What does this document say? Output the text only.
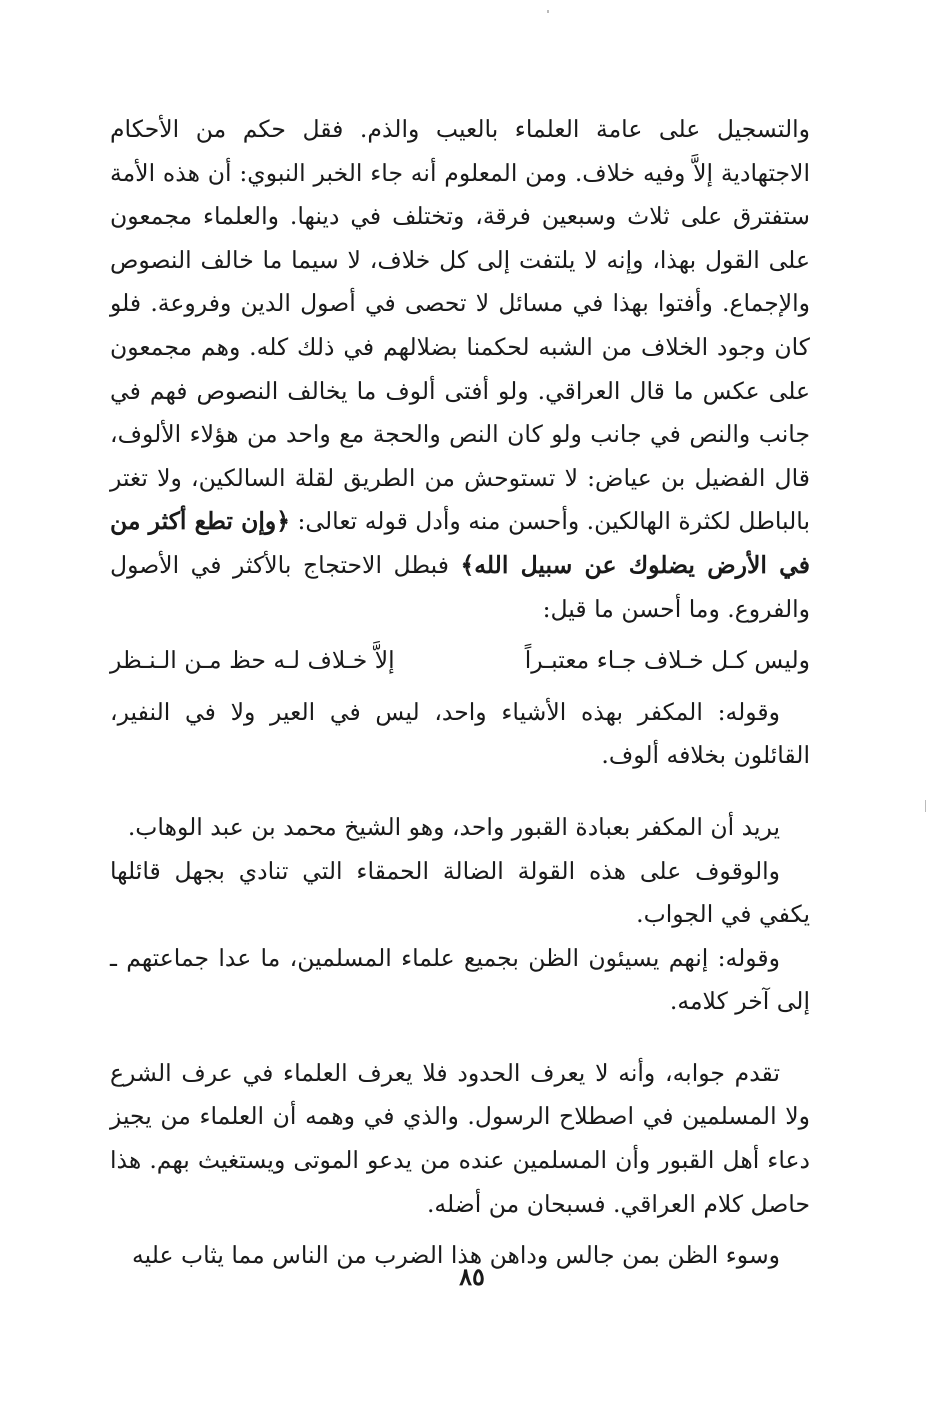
والتسجيل على عامة العلماء بالعيب والذم. فقل حكم من الأحكام الاجتهادية إلاَّ وفيه خلاف. ومن المعلوم أنه جاء الخبر النبوي: أن هذه الأمة ستفترق على ثلاث وسبعين فرقة، وتختلف في دينها. والعلماء مجمعون على القول بهذا، وإنه لا يلتفت إلى كل خلاف، لا سيما ما خالف النصوص والإجماع. وأفتوا بهذا في مسائل لا تحصى في أصول الدين وفروعة. فلو كان وجود الخلاف من الشبه لحكمنا بضلالهم في ذلك كله. وهم مجمعون على عكس ما قال العراقي. ولو أفتى ألوف ما يخالف النصوص فهم في جانب والنص في جانب ولو كان النص والحجة مع واحد من هؤلاء الألوف، قال الفضيل بن عياض: لا تستوحش من الطريق لقلة السالكين، ولا تغتر بالباطل لكثرة الهالكين. وأحسن منه وأدل قوله تعالى: ﴿وإن تطع أكثر من في الأرض يضلوك عن سبيل الله﴾ فبطل الاحتجاج بالأكثر في الأصول والفروع. وما أحسن ما قيل:

وليس كـل خـلاف جـاء معتبـراً
إلاَّ خـلاف لـه حظ مـن الـنـظر

وقوله: المكفر بهذه الأشياء واحد، ليس في العير ولا في النفير، القائلون بخلافه ألوف.

يريد أن المكفر بعبادة القبور واحد، وهو الشيخ محمد بن عبد الوهاب.

والوقوف على هذه القولة الضالة الحمقاء التي تنادي بجهل قائلها يكفي في الجواب.

وقوله: إنهم يسيئون الظن بجميع علماء المسلمين، ما عدا جماعتهم ـ إلى آخر كلامه.

تقدم جوابه، وأنه لا يعرف الحدود فلا يعرف العلماء في عرف الشرع ولا المسلمين في اصطلاح الرسول. والذي في وهمه أن العلماء من يجيز دعاء أهل القبور وأن المسلمين عنده من يدعو الموتى ويستغيث بهم. هذا حاصل كلام العراقي. فسبحان من أضله.

وسوء الظن بمن جالس وداهن هذا الضرب من الناس مما يثاب عليه

٨٥
